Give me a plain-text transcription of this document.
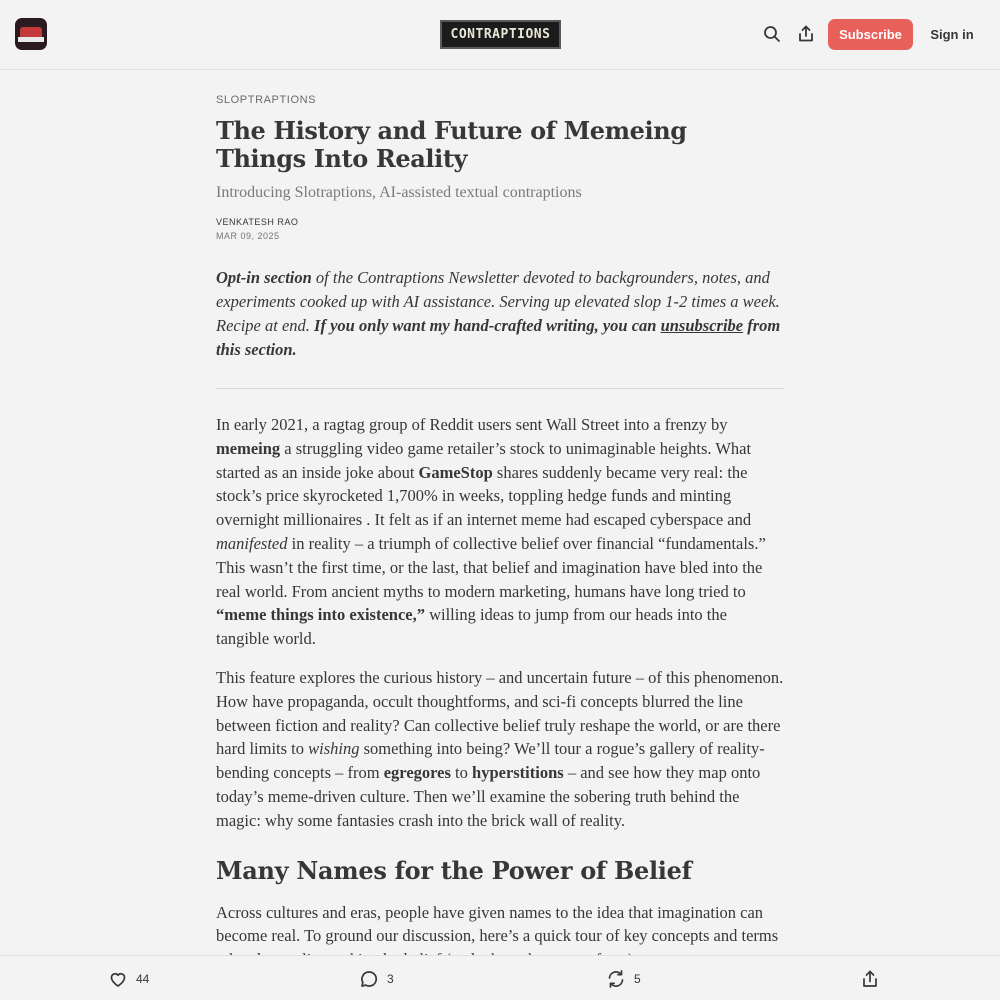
CONTRAPTIONS	Subscribe	Sign in
SLOPTRAPTIONS
The History and Future of Memeing Things Into Reality
Introducing Slotraptions, AI-assisted textual contraptions
VENKATESH RAO
MAR 09, 2025

Opt-in section of the Contraptions Newsletter devoted to backgrounders, notes, and experiments cooked up with AI assistance. Serving up elevated slop 1-2 times a week. Recipe at end. If you only want my hand-crafted writing, you can unsubscribe from this section.

In early 2021, a ragtag group of Reddit users sent Wall Street into a frenzy by memeing a struggling video game retailer’s stock to unimaginable heights. What started as an inside joke about GameStop shares suddenly became very real: the stock’s price skyrocketed 1,700% in weeks, toppling hedge funds and minting overnight millionaires . It felt as if an internet meme had escaped cyberspace and manifested in reality – a triumph of collective belief over financial “fundamentals.” This wasn’t the first time, or the last, that belief and imagination have bled into the real world. From ancient myths to modern marketing, humans have long tried to “meme things into existence,” willing ideas to jump from our heads into the tangible world.

This feature explores the curious history – and uncertain future – of this phenomenon. How have propaganda, occult thoughtforms, and sci-fi concepts blurred the line between fiction and reality? Can collective belief truly reshape the world, or are there hard limits to wishing something into being? We’ll tour a rogue’s gallery of reality-bending concepts – from egregores to hyperstitions – and see how they map onto today’s meme-driven culture. Then we’ll examine the sobering truth behind the magic: why some fantasies crash into the brick wall of reality.

Many Names for the Power of Belief

Across cultures and eras, people have given names to the idea that imagination can become real. To ground our discussion, here’s a quick tour of key concepts and terms

44	3	5
